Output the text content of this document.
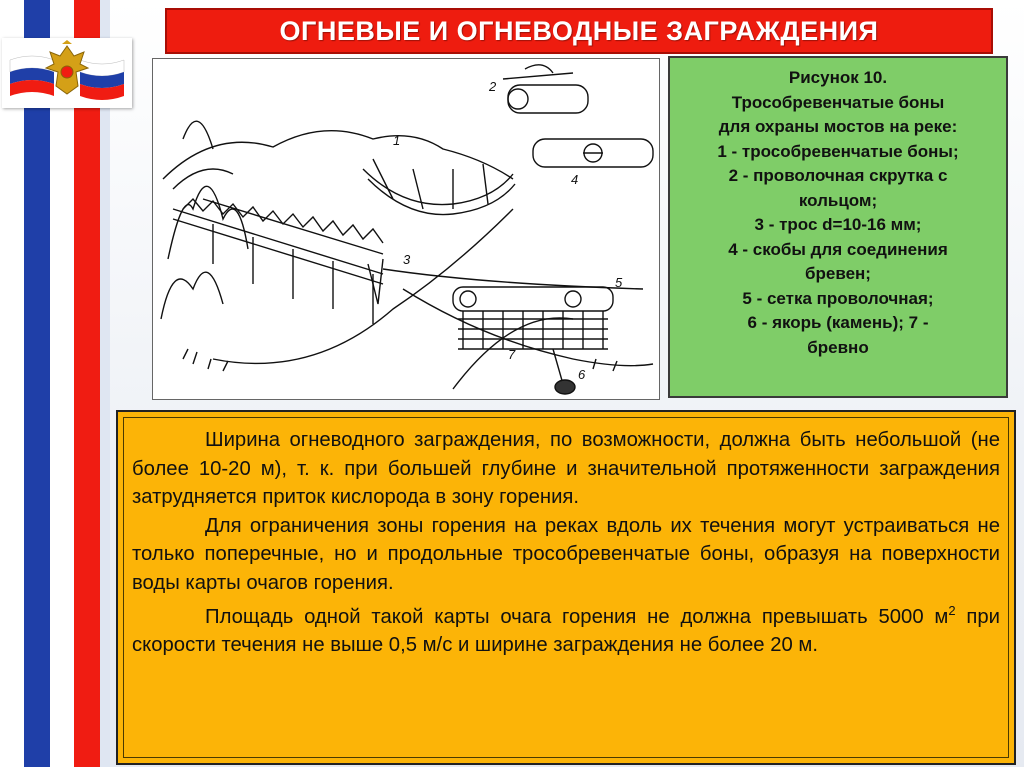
ОГНЕВЫЕ И ОГНЕВОДНЫЕ ЗАГРАЖДЕНИЯ
1
2
3
4
5
6
7

Рисунок 10.

Трособревенчатые боны

для охраны мостов на реке:

1 - трособревенчатые боны;

2 - проволочная скрутка с

кольцом;

3 - трос d=10-16 мм;

4 - скобы для соединения

бревен;

5 - сетка проволочная;

6 - якорь (камень); 7 -

бревно

Ширина огневодного заграждения, по возможности, должна быть небольшой (не более 10-20 м), т. к. при большей глубине и значительной протяженности заграждения затрудняется приток кислорода в зону горения.

Для ограничения зоны горения на реках вдоль их течения могут устраиваться не только поперечные, но и продольные трособревенчатые боны, образуя на поверхности воды карты очагов горения.

Площадь одной такой карты очага горения не должна превышать 5000 $м^2$ при скорости течения не выше 0,5 м/с и ширине заграждения не более 20 м.
